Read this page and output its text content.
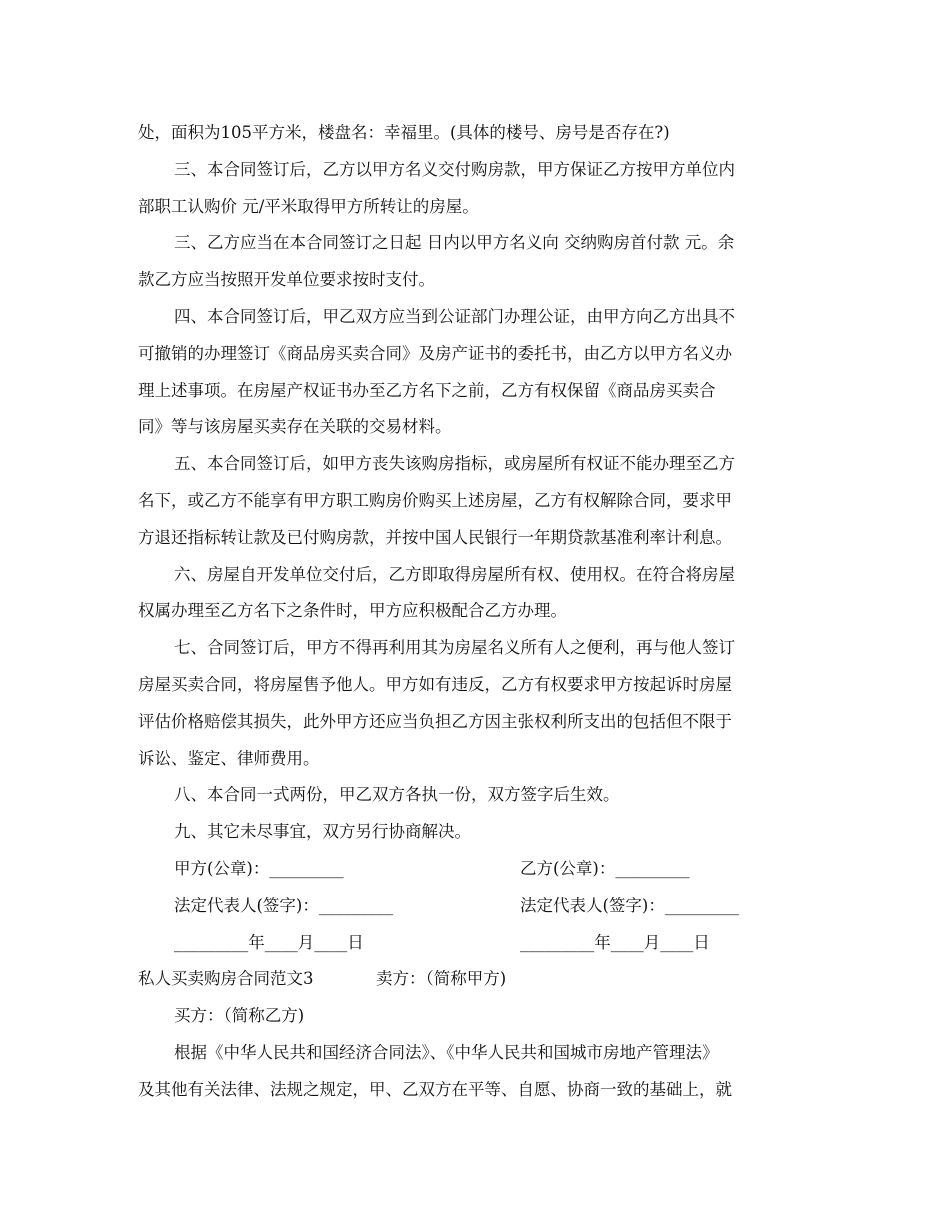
处，面积为105平方米，楼盘名：幸福里。(具体的楼号、房号是否存在?)
三、本合同签订后，乙方以甲方名义交付购房款，甲方保证乙方按甲方单位内
部职工认购价 元/平米取得甲方所转让的房屋。
三、乙方应当在本合同签订之日起 日内以甲方名义向 交纳购房首付款 元。余
款乙方应当按照开发单位要求按时支付。
四、本合同签订后，甲乙双方应当到公证部门办理公证，由甲方向乙方出具不
可撤销的办理签订《商品房买卖合同》及房产证书的委托书，由乙方以甲方名义办
理上述事项。在房屋产权证书办至乙方名下之前，乙方有权保留《商品房买卖合
同》等与该房屋买卖存在关联的交易材料。
五、本合同签订后，如甲方丧失该购房指标，或房屋所有权证不能办理至乙方
名下，或乙方不能享有甲方职工购房价购买上述房屋，乙方有权解除合同，要求甲
方退还指标转让款及已付购房款，并按中国人民银行一年期贷款基准利率计利息。
六、房屋自开发单位交付后，乙方即取得房屋所有权、使用权。在符合将房屋
权属办理至乙方名下之条件时，甲方应积极配合乙方办理。
七、合同签订后，甲方不得再利用其为房屋名义所有人之便利，再与他人签订
房屋买卖合同，将房屋售予他人。甲方如有违反，乙方有权要求甲方按起诉时房屋
评估价格赔偿其损失，此外甲方还应当负担乙方因主张权利所支出的包括但不限于
诉讼、鉴定、律师费用。
八、本合同一式两份，甲乙双方各执一份，双方签字后生效。
九、其它未尽事宜，双方另行协商解决。
甲方(公章)：_________	乙方(公章)：_________
法定代表人(签字)：_________	法定代表人(签字)：_________
_________年____月____日	_________年____月____日
私人买卖购房合同范文3	卖方：（简称甲方)
买方：（简称乙方)
根据《中华人民共和国经济合同法》、《中华人民共和国城市房地产管理法》
及其他有关法律、法规之规定，甲、乙双方在平等、自愿、协商一致的基础上，就
